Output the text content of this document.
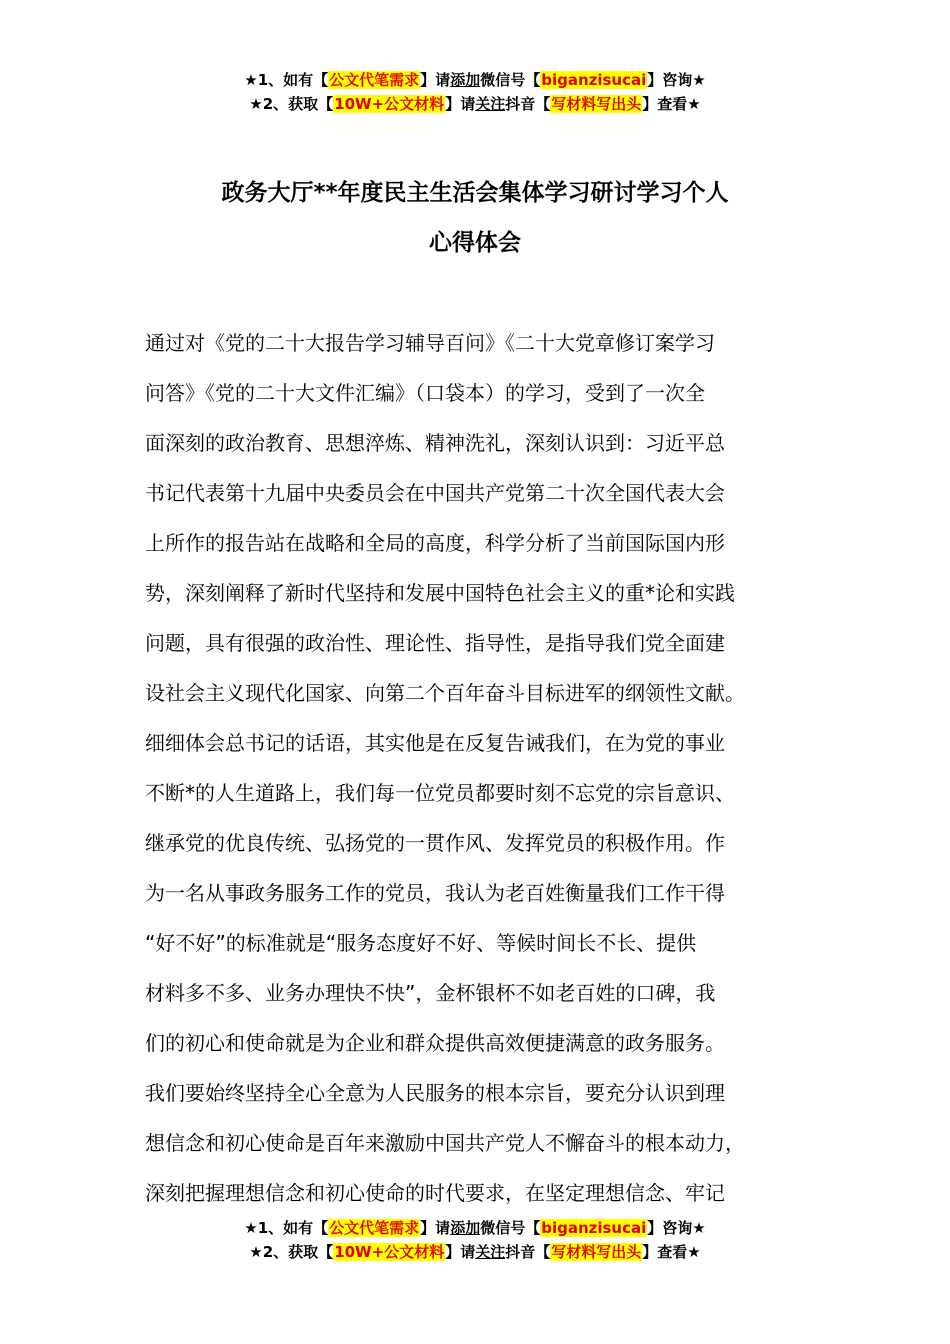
★1、如有【公文代笔需求】请添加微信号【biganzisucai】咨询★
★2、获取【10W+公文材料】请关注抖音【写材料写出头】查看★
政务大厅**年度民主生活会集体学习研讨学习个人
心得体会
通过对《党的二十大报告学习辅导百问》《二十大党章修订案学习
问答》《党的二十大文件汇编》（口袋本）的学习，受到了一次全
面深刻的政治教育、思想淬炼、精神洗礼，深刻认识到：习近平总
书记代表第十九届中央委员会在中国共产党第二十次全国代表大会
上所作的报告站在战略和全局的高度，科学分析了当前国际国内形
势，深刻阐释了新时代坚持和发展中国特色社会主义的重*论和实践
问题，具有很强的政治性、理论性、指导性，是指导我们党全面建
设社会主义现代化国家、向第二个百年奋斗目标进军的纲领性文献。
细细体会总书记的话语，其实他是在反复告诫我们，在为党的事业
不断*的人生道路上，我们每一位党员都要时刻不忘党的宗旨意识、
继承党的优良传统、弘扬党的一贯作风、发挥党员的积极作用。作
为一名从事政务服务工作的党员，我认为老百姓衡量我们工作干得
“好不好”的标准就是“服务态度好不好、等候时间长不长、提供
材料多不多、业务办理快不快”，金杯银杯不如老百姓的口碑，我
们的初心和使命就是为企业和群众提供高效便捷满意的政务服务。
我们要始终坚持全心全意为人民服务的根本宗旨，要充分认识到理
想信念和初心使命是百年来激励中国共产党人不懈奋斗的根本动力，
深刻把握理想信念和初心使命的时代要求，在坚定理想信念、牢记
★1、如有【公文代笔需求】请添加微信号【biganzisucai】咨询★
★2、获取【10W+公文材料】请关注抖音【写材料写出头】查看★
